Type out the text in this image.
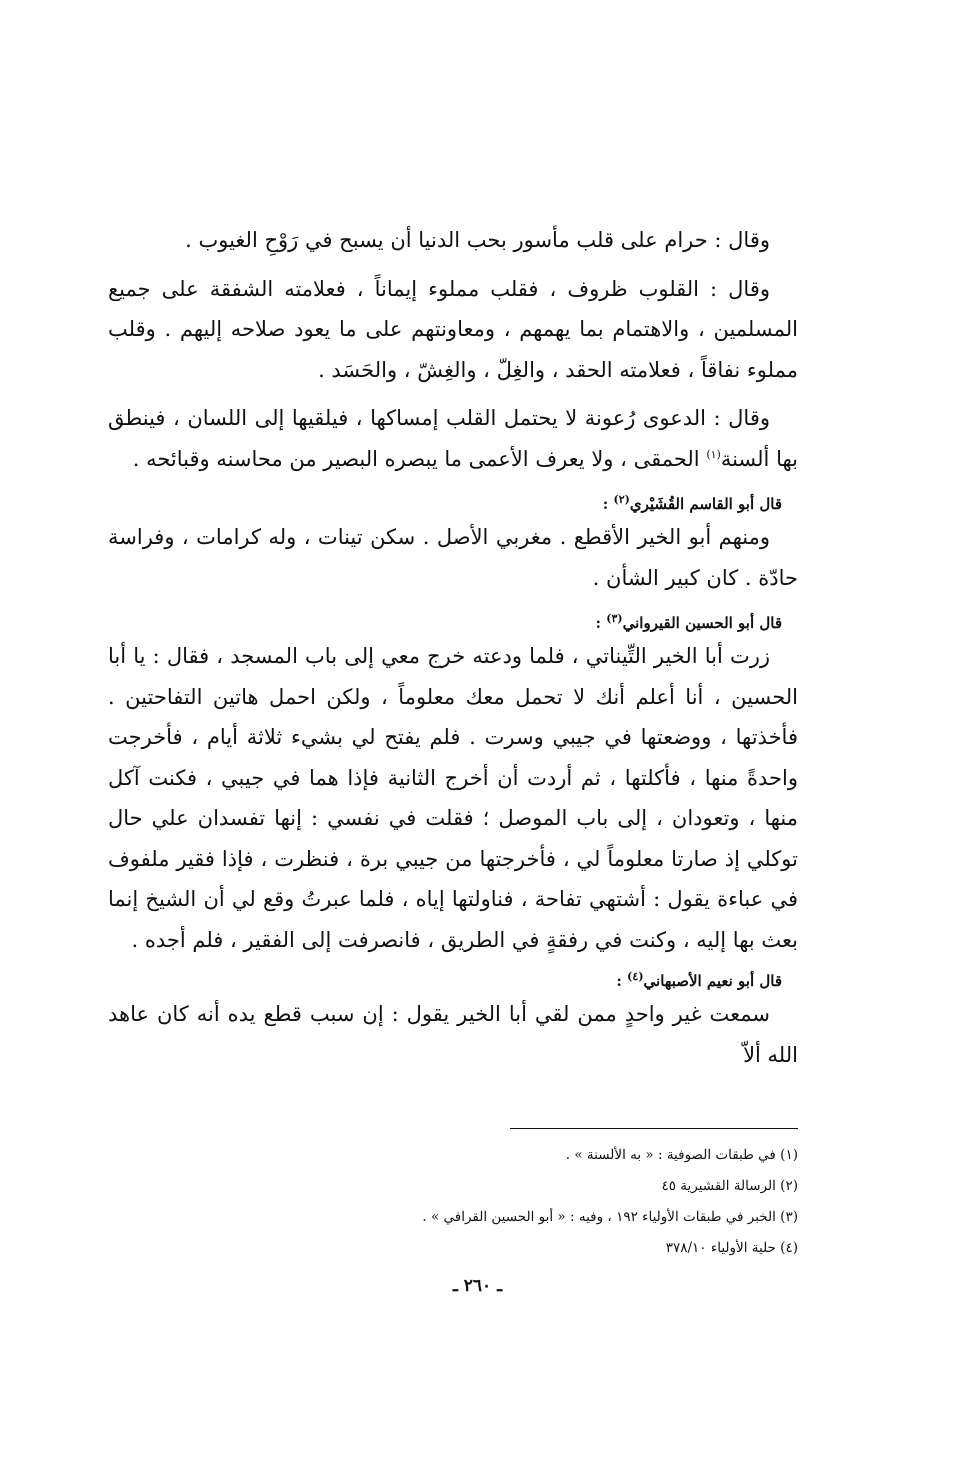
وقال : حرام على قلب مأسور بحب الدنيا أن يسبح في رَوْحِ الغيوب .

وقال : القلوب ظروف ، فقلب مملوء إيماناً ، فعلامته الشفقة على جميع المسلمين ، والاهتمام بما يهمهم ، ومعاونتهم على ما يعود صلاحه إليهم . وقلب مملوء نفاقاً ، فعلامته الحقد ، والغِلّ ، والغِشّ ، والحَسَد .

وقال : الدعوى رُعونة لا يحتمل القلب إمساكها ، فيلقيها إلى اللسان ، فينطق بها ألسنة$^{(١)}$ الحمقى ، ولا يعرف الأعمى ما يبصره البصير من محاسنه وقبائحه .

قال أبو القاسم القُشَيْري$^{(٢)}$ :

ومنهم أبو الخير الأقطع . مغربي الأصل . سكن تينات ، وله كرامات ، وفراسة حادّة . كان كبير الشأن .

قال أبو الحسين القيرواني$^{(٣)}$ :

زرت أبا الخير التِّيناتي ، فلما ودعته خرج معي إلى باب المسجد ، فقال : يا أبا الحسين ، أنا أعلم أنك لا تحمل معك معلوماً ، ولكن احمل هاتين التفاحتين . فأخذتها ، ووضعتها في جيبي وسرت . فلم يفتح لي بشيء ثلاثة أيام ، فأخرجت واحدةً منها ، فأكلتها ، ثم أردت أن أخرج الثانية فإذا هما في جيبي ، فكنت آكل منها ، وتعودان ، إلى باب الموصل ؛ فقلت في نفسي : إنها تفسدان علي حال توكلي إذ صارتا معلوماً لي ، فأخرجتها من جيبي برة ، فنظرت ، فإذا فقير ملفوف في عباءة يقول : أشتهي تفاحة ، فناولتها إياه ، فلما عبرتُ وقع لي أن الشيخ إنما بعث بها إليه ، وكنت في رفقةٍ في الطريق ، فانصرفت إلى الفقير ، فلم أجده .

قال أبو نعيم الأصبهاني$^{(٤)}$ :

سمعت غير واحدٍ ممن لقي أبا الخير يقول : إن سبب قطع يده أنه كان عاهد الله ألاّ

(١) في طبقات الصوفية : « به الألسنة » .

(٢) الرسالة القشيرية ٤٥

(٣) الخبر في طبقات الأولياء ١٩٢ ، وفيه : « أبو الحسين القرافي » .

(٤) حلية الأولياء ٣٧٨/١٠

ـ ٢٦٠ ـ
